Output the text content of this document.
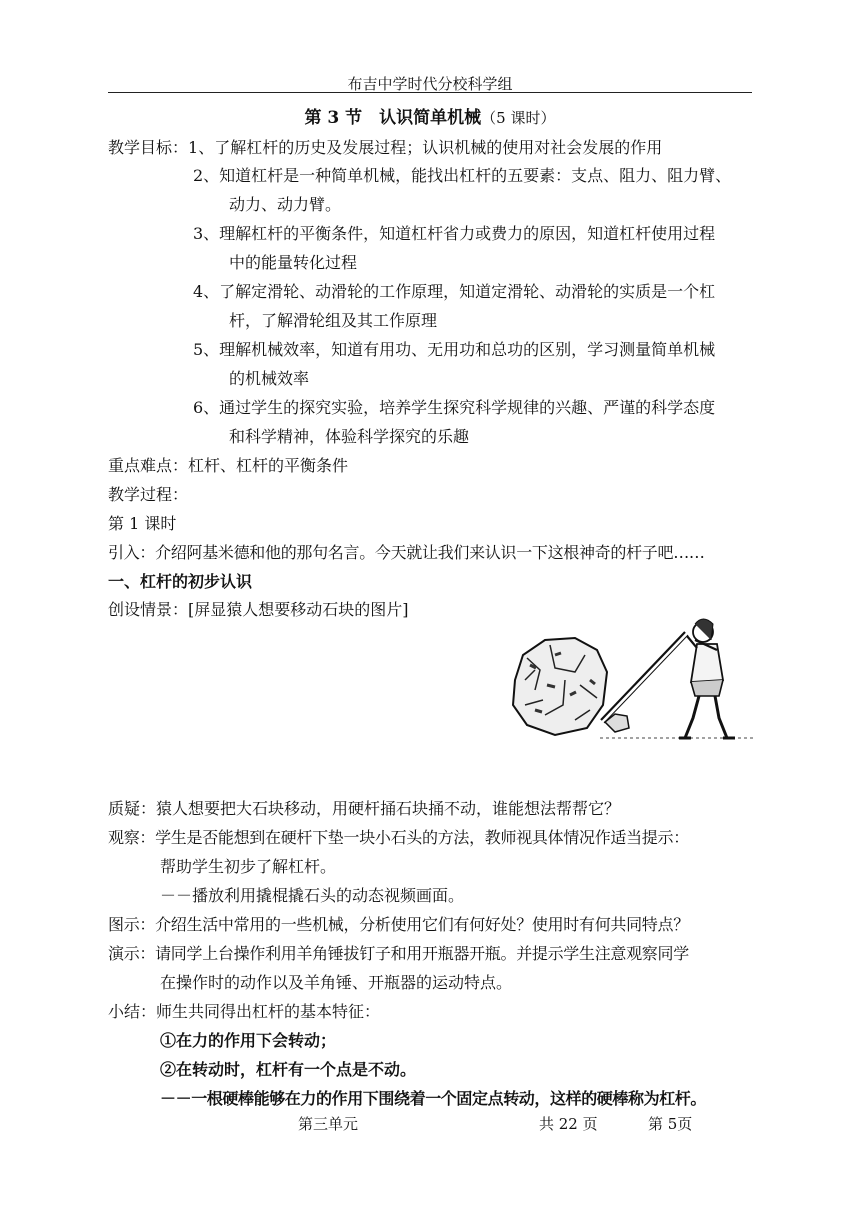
布吉中学时代分校科学组
第 3 节　认识简单机械（5 课时）
教学目标：1、了解杠杆的历史及发展过程；认识机械的使用对社会发展的作用
2、知道杠杆是一种简单机械，能找出杠杆的五要素：支点、阻力、阻力臂、
动力、动力臂。
3、理解杠杆的平衡条件，知道杠杆省力或费力的原因，知道杠杆使用过程
中的能量转化过程
4、了解定滑轮、动滑轮的工作原理，知道定滑轮、动滑轮的实质是一个杠
杆，了解滑轮组及其工作原理
5、理解机械效率，知道有用功、无用功和总功的区别，学习测量简单机械
的机械效率
6、通过学生的探究实验，培养学生探究科学规律的兴趣、严谨的科学态度
和科学精神，体验科学探究的乐趣
重点难点：杠杆、杠杆的平衡条件
教学过程：
第 1 课时
引入：介绍阿基米德和他的那句名言。今天就让我们来认识一下这根神奇的杆子吧……
一、杠杆的初步认识
创设情景：[屏显猿人想要移动石块的图片]
质疑：猿人想要把大石块移动，用硬杆捅石块捅不动，谁能想法帮帮它？
观察：学生是否能想到在硬杆下垫一块小石头的方法，教师视具体情况作适当提示：
帮助学生初步了解杠杆。
－－播放利用撬棍撬石头的动态视频画面。
图示：介绍生活中常用的一些机械，分析使用它们有何好处？使用时有何共同特点？
演示：请同学上台操作利用羊角锤拔钉子和用开瓶器开瓶。并提示学生注意观察同学
在操作时的动作以及羊角锤、开瓶器的运动特点。
小结：师生共同得出杠杆的基本特征：
①在力的作用下会转动；
②在转动时，杠杆有一个点是不动。
－－一根硬棒能够在力的作用下围绕着一个固定点转动，这样的硬棒称为杠杆。
第三单元	共 22 页	第 5页
